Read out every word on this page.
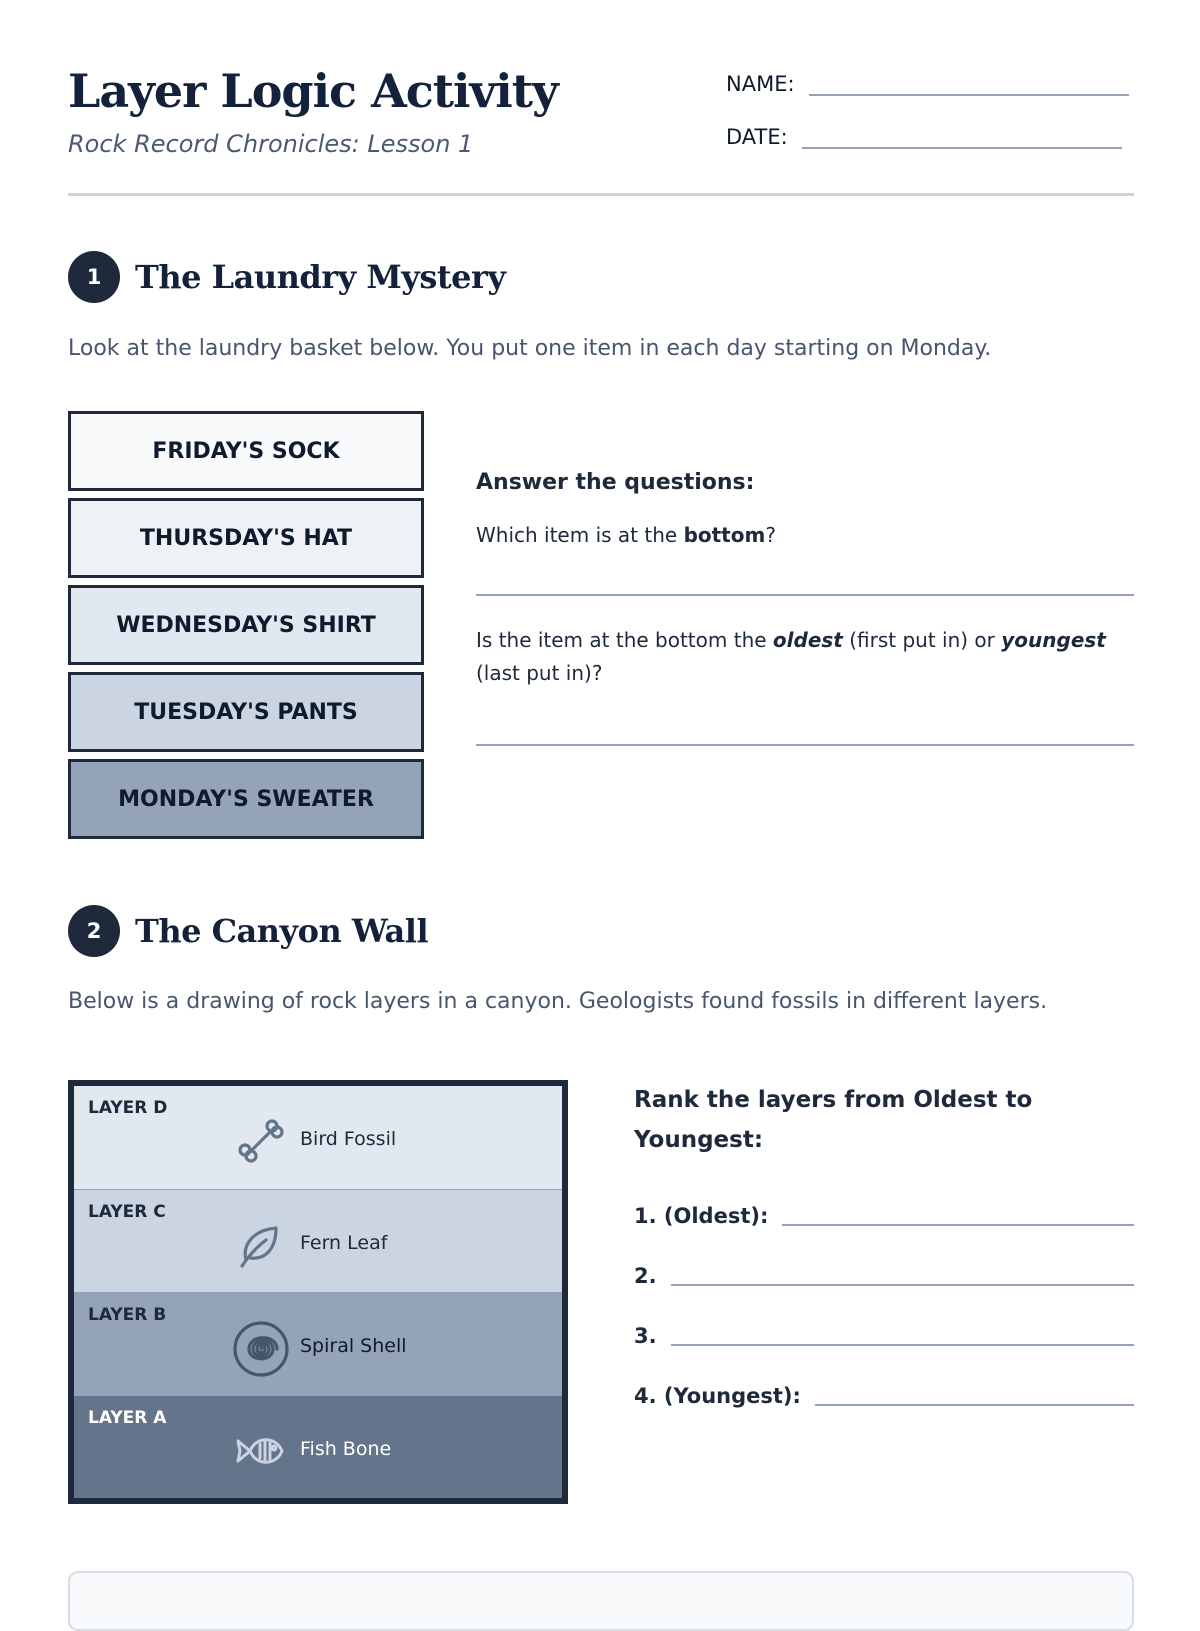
Layer Logic Activity

Rock Record Chronicles: Lesson 1

NAME:
DATE:
1	The Laundry Mystery
Look at the laundry basket below. You put one item in each day starting on Monday.
FRIDAY'S SOCK
THURSDAY'S HAT
WEDNESDAY'S SHIRT
TUESDAY'S PANTS
MONDAY'S SWEATER
Answer the questions:
Which item is at the bottom?
Is the item at the bottom the oldest (first put in) or youngest (last put in)?
2	The Canyon Wall
Below is a drawing of rock layers in a canyon. Geologists found fossils in different layers.
LAYER D
Bird Fossil
LAYER C
Fern Leaf
LAYER B
Spiral Shell
LAYER A
Fish Bone
Rank the layers from Oldest to
Youngest:
1. (Oldest):
2.
3.
4. (Youngest):
